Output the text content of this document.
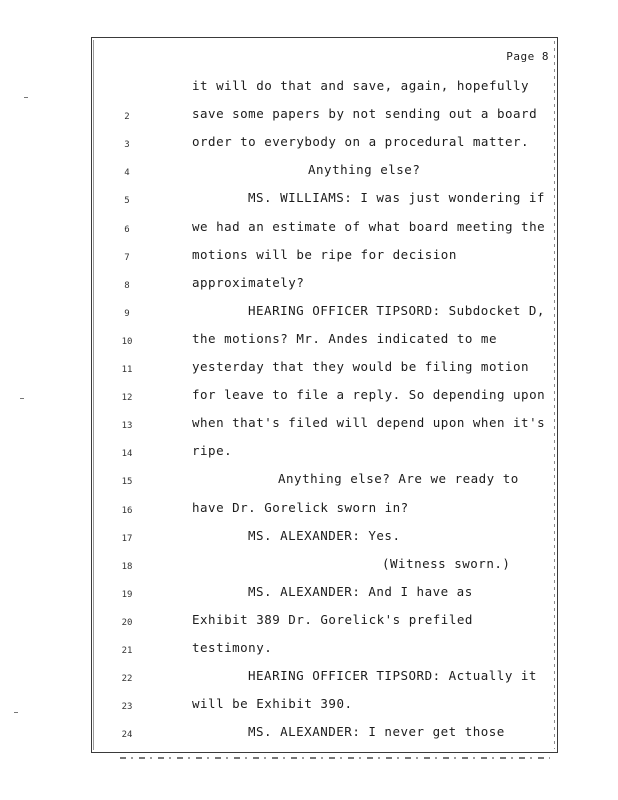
Page 8
it will do that and save, again, hopefully
2	save some papers by not sending out a board
3	order to everybody on a procedural matter.
4	Anything else?
5	MS. WILLIAMS: I was just wondering if
6	we had an estimate of what board meeting the
7	motions will be ripe for decision
8	approximately?
9	HEARING OFFICER TIPSORD: Subdocket D,
10	the motions? Mr. Andes indicated to me
11	yesterday that they would be filing motion
12	for leave to file a reply. So depending upon
13	when that's filed will depend upon when it's
14	ripe.
15	Anything else? Are we ready to
16	have Dr. Gorelick sworn in?
17	MS. ALEXANDER: Yes.
18	(Witness sworn.)
19	MS. ALEXANDER: And I have as
20	Exhibit 389 Dr. Gorelick's prefiled
21	testimony.
22	HEARING OFFICER TIPSORD: Actually it
23	will be Exhibit 390.
24	MS. ALEXANDER: I never get those
